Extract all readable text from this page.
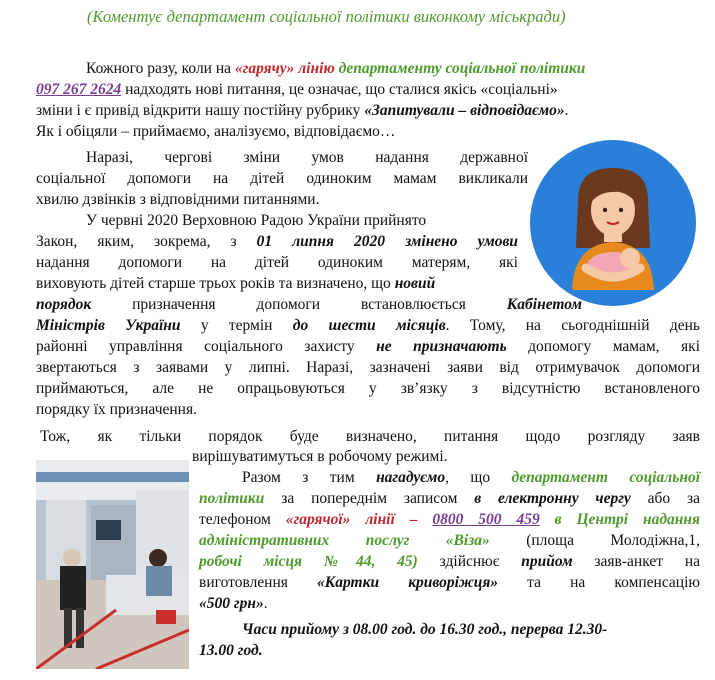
(Коментує департамент соціальної політики виконкому міськради)
Кожного разу, коли на «гарячу» лінію департаменту соціальної політики
097 267 2624 надходять нові питання, це означає, що сталися якісь «соціальні»
зміни і є привід відкрити нашу постійну рубрику «Запитували – відповідаємо».
Як і обіцяли – приймаємо, аналізуємо, відповідаємо…
Наразі, чергові зміни умов надання державної
соціальної допомоги на дітей одиноким мамам викликали
хвилю дзвінків з відповідними питаннями.
У червні 2020 Верховною Радою України прийнято
Закон, яким, зокрема, з 01 липня 2020 змінено умови
надання допомоги на дітей одиноким матерям, які
виховують дітей старше трьох років та визначено, що новий
порядок призначення допомоги встановлюється Кабінетом
Міністрів України у термін до шести місяців. Тому, на сьогоднішній день
районні управління соціального захисту не призначають допомогу мамам, які
звертаються з заявами у липні. Наразі, зазначені заяви від отримувачок допомоги
приймаються, але не опрацьовуються у зв’язку з відсутністю встановленого
порядку їх призначення.
Тож, як тільки порядок буде визначено, питання щодо розгляду заяв
вирішуватимуться в робочому режимі.
Разом з тим нагадуємо, що департамент соціальної
політики за попереднім записом в електронну чергу або за
телефоном «гарячої» лінії – 0800 500 459 в Центрі надання
адміністративних послуг «Віза» (площа Молодіжна,1,
робочі місця №44, 45) здійснює прийом заяв-анкет на
виготовлення «Картки криворіжця» та на компенсацію
«500 грн».
Часи прийому з 08.00 год. до 16.30 год., перерва 12.30-
13.00 год.
